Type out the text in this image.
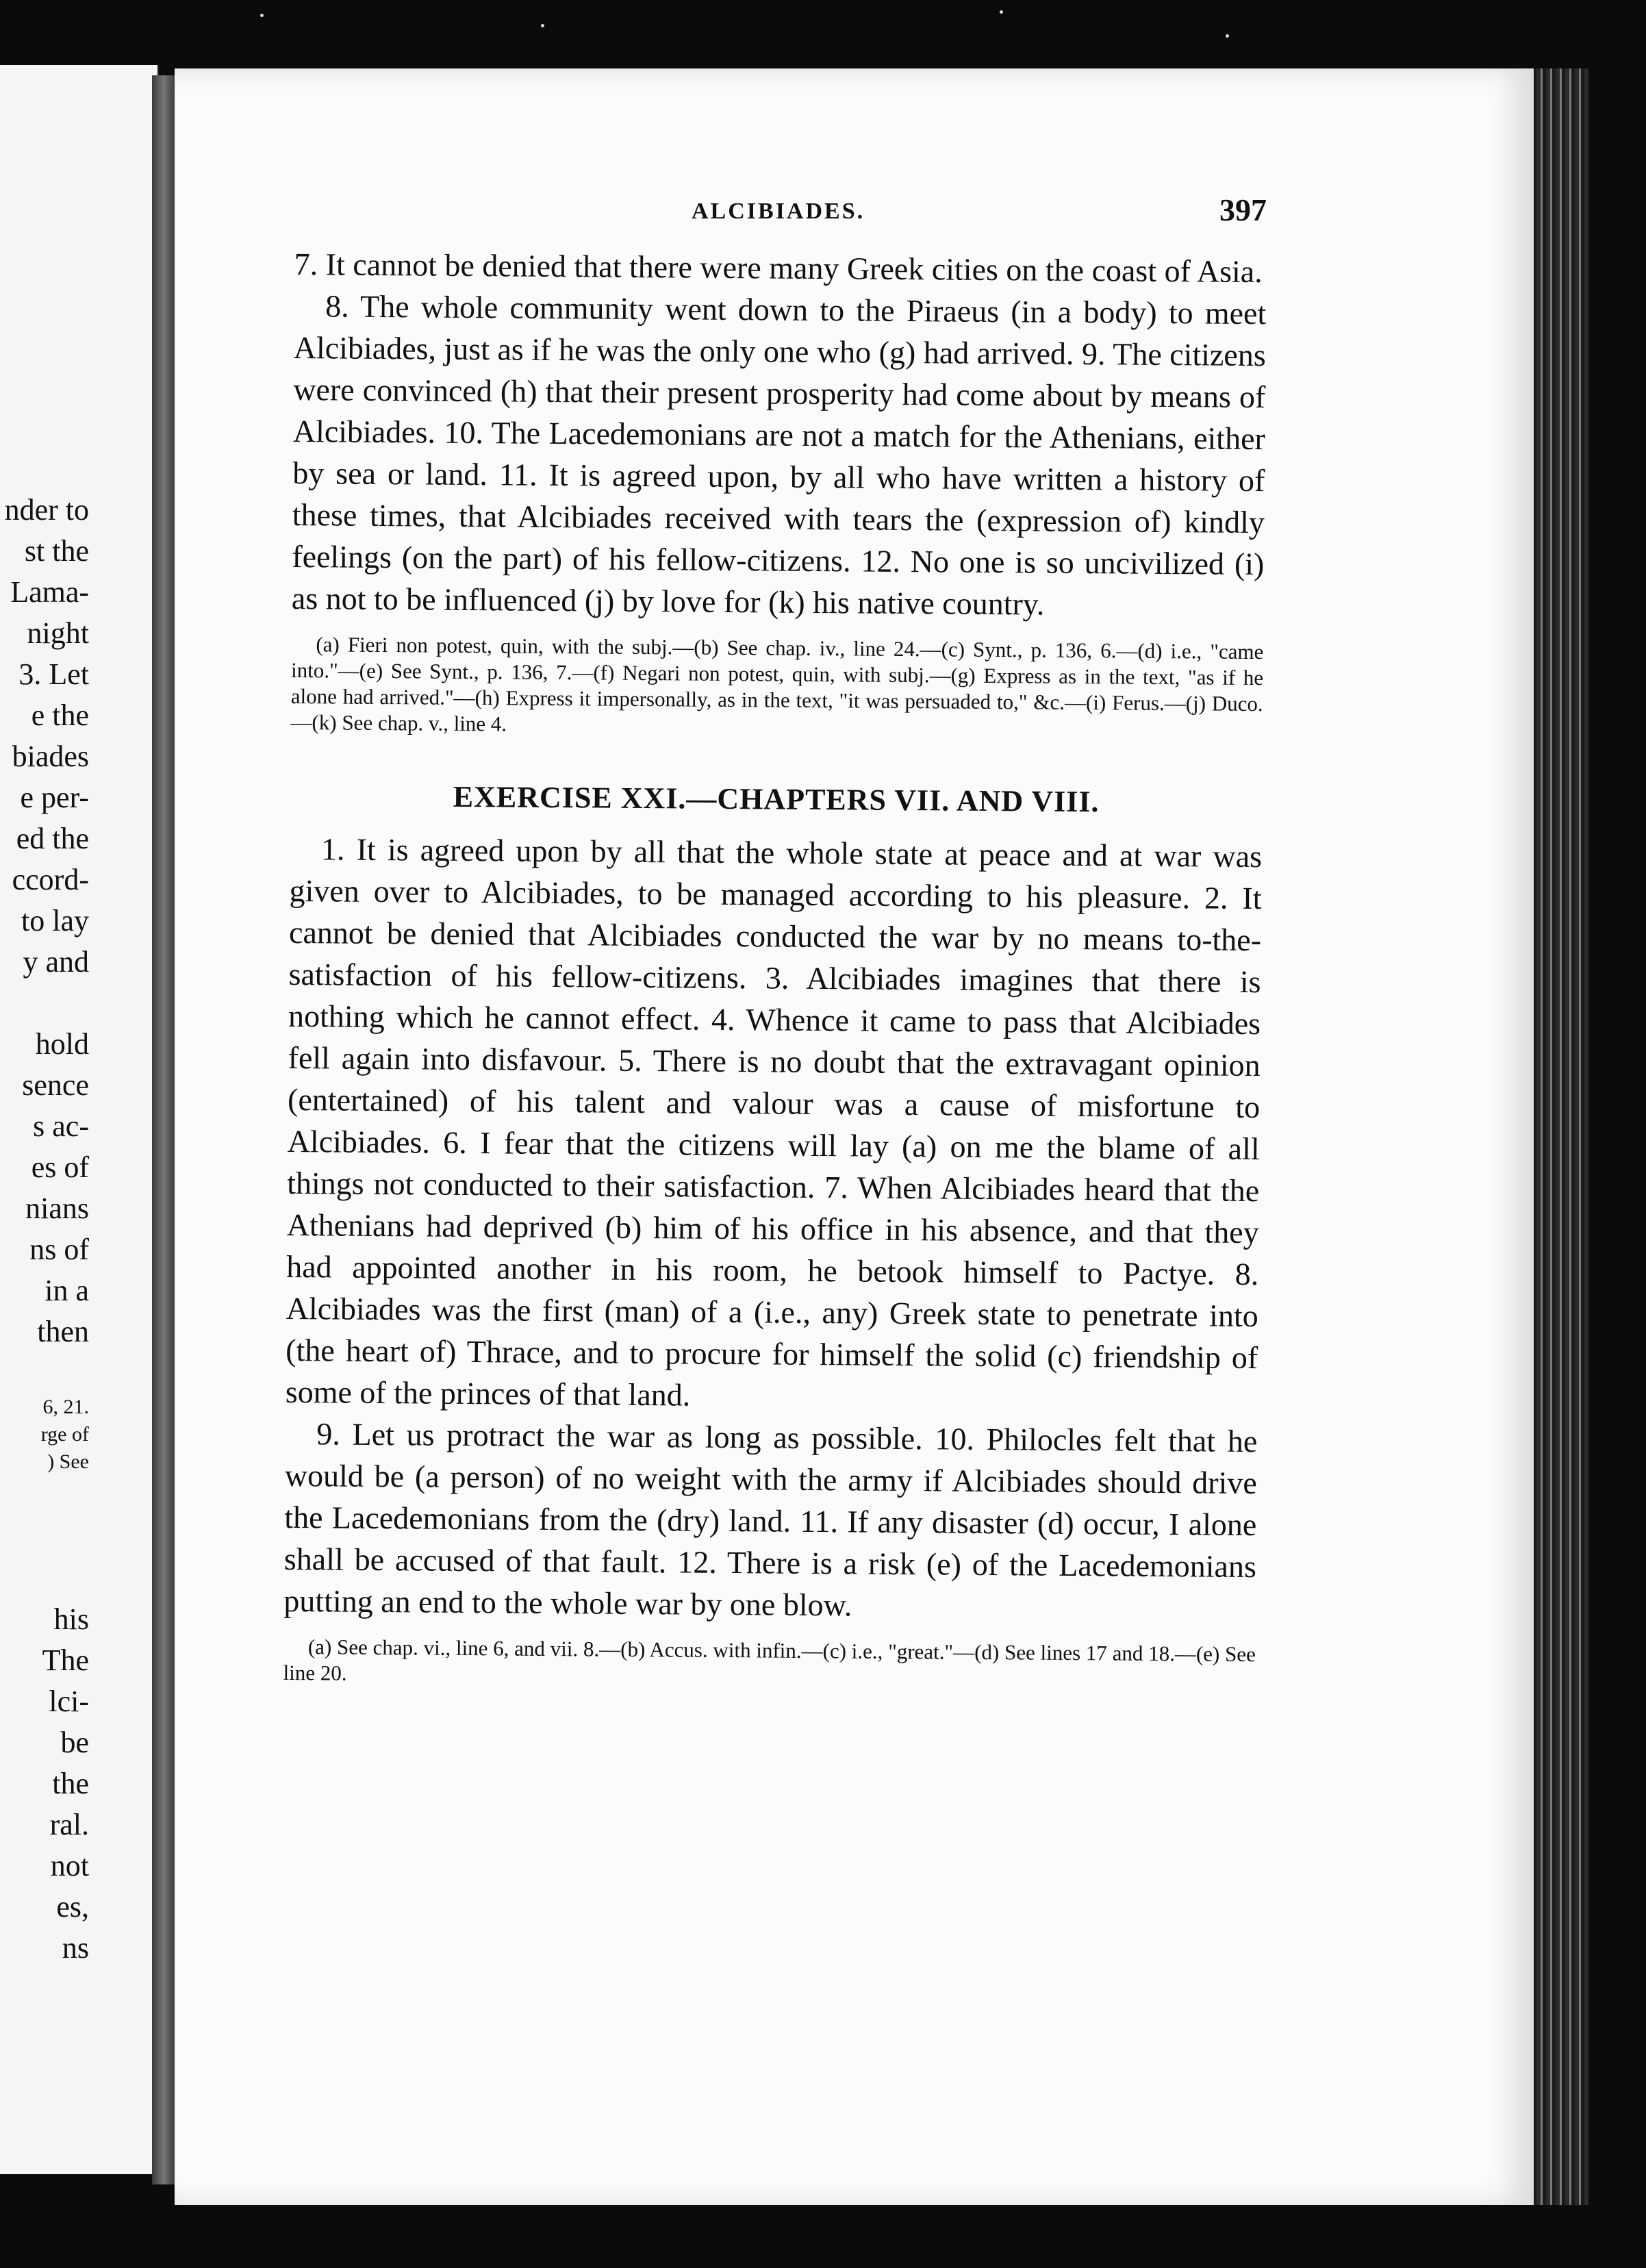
nder to
st the
Lama-
night
3. Let
e the
biades
e per-
ed the
ccord-
to lay
y and
hold
sence
s ac-
es of
nians
ns of
in a
then
6, 21.
rge of
) See
his
The
lci-
be
the
ral.
not
es,
ns
ALCIBIADES.	397

7. It cannot be denied that there were many Greek cities on the coast of Asia.

8. The whole community went down to the Piraeus (in a body) to meet Alcibiades, just as if he was the only one who (g) had arrived. 9. The citizens were convinced (h) that their present prosperity had come about by means of Alcibiades. 10. The Lacedemonians are not a match for the Athenians, either by sea or land. 11. It is agreed upon, by all who have written a history of these times, that Alcibiades received with tears the (expression of) kindly feelings (on the part) of his fellow-citizens. 12. No one is so uncivilized (i) as not to be influenced (j) by love for (k) his native country.

(a) Fieri non potest, quin, with the subj.—(b) See chap. iv., line 24.—(c) Synt., p. 136, 6.—(d) i.e., "came into."—(e) See Synt., p. 136, 7.—(f) Negari non potest, quin, with subj.—(g) Express as in the text, "as if he alone had arrived."—(h) Express it impersonally, as in the text, "it was persuaded to," &c.—(i) Ferus.—(j) Duco.—(k) See chap. v., line 4.

EXERCISE XXI.—CHAPTERS VII. AND VIII.

1. It is agreed upon by all that the whole state at peace and at war was given over to Alcibiades, to be managed according to his pleasure. 2. It cannot be denied that Alcibiades conducted the war by no means to-the-satisfaction of his fellow-citizens. 3. Alcibiades imagines that there is nothing which he cannot effect. 4. Whence it came to pass that Alcibiades fell again into disfavour. 5. There is no doubt that the extravagant opinion (entertained) of his talent and valour was a cause of misfortune to Alcibiades. 6. I fear that the citizens will lay (a) on me the blame of all things not conducted to their satisfaction. 7. When Alcibiades heard that the Athenians had deprived (b) him of his office in his absence, and that they had appointed another in his room, he betook himself to Pactye. 8. Alcibiades was the first (man) of a (i.e., any) Greek state to penetrate into (the heart of) Thrace, and to procure for himself the solid (c) friendship of some of the princes of that land.

9. Let us protract the war as long as possible. 10. Philocles felt that he would be (a person) of no weight with the army if Alcibiades should drive the Lacedemonians from the (dry) land. 11. If any disaster (d) occur, I alone shall be accused of that fault. 12. There is a risk (e) of the Lacedemonians putting an end to the whole war by one blow.

(a) See chap. vi., line 6, and vii. 8.—(b) Accus. with infin.—(c) i.e., "great."—(d) See lines 17 and 18.—(e) See line 20.
